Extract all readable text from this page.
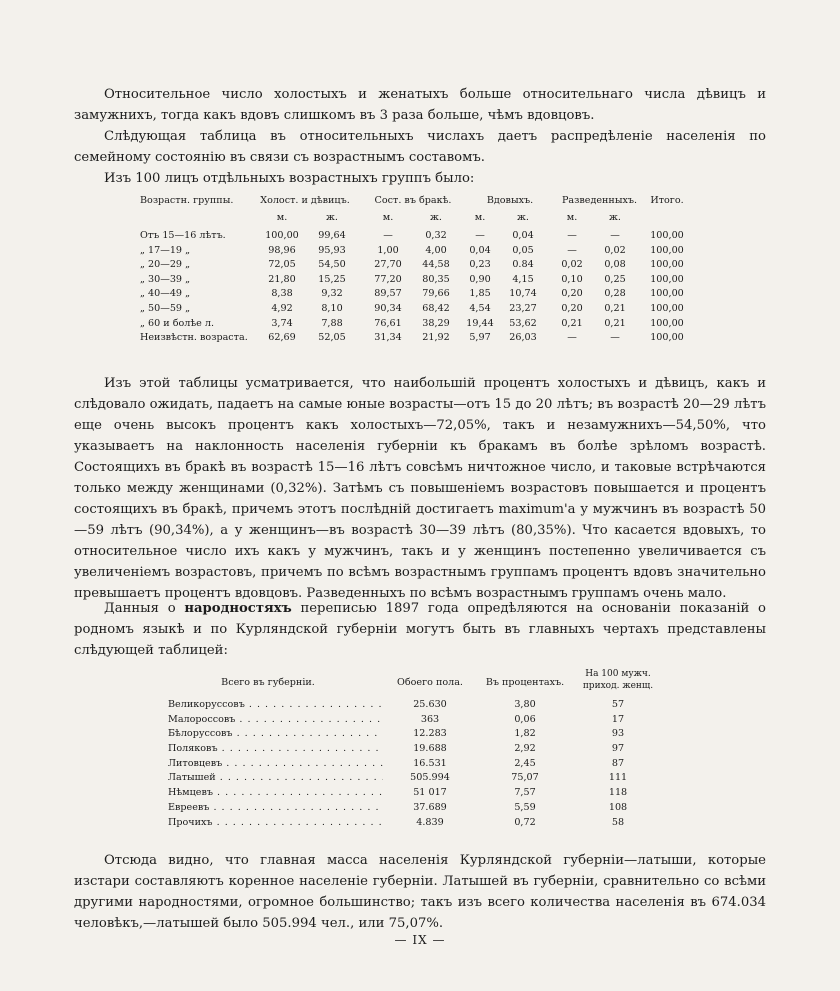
Относительное число холостыхъ и женатыхъ больше относительнаго числа дѣвицъ и замужнихъ, тогда какъ вдовъ слишкомъ въ 3 раза больше, чѣмъ вдовцовъ.

Слѣдующая таблица въ относительныхъ числахъ даетъ распредѣленіе населенія по семейному состоянію въ связи съ возрастнымъ составомъ.

Изъ 100 лицъ отдѣльныхъ возрастныхъ группъ было:

Возрастн. группы.	Холост. и дѣвицъ.	Сост. въ бракѣ.	Вдовыхъ.	Разведенныхъ.	Итого.
м.	ж.	м.	ж.	м.	ж.	м.	ж.
Отъ 15—16 лѣтъ.	100,00	99,64	—	0,32	—	0,04	—	—	100,00
„ 17—19 „	98,96	95,93	1,00	4,00	0,04	0,05	—	0,02	100,00
„ 20—29 „	72,05	54,50	27,70	44,58	0,23	0.84	0,02	0,08	100,00
„ 30—39 „	21,80	15,25	77,20	80,35	0,90	4,15	0,10	0,25	100,00
„ 40—49 „	8,38	9,32	89,57	79,66	1,85	10,74	0,20	0,28	100,00
„ 50—59 „	4,92	8,10	90,34	68,42	4,54	23,27	0,20	0,21	100,00
„ 60 и болѣе л.	3,74	7,88	76,61	38,29	19,44	53,62	0,21	0,21	100,00
Неизвѣстн. возраста.	62,69	52,05	31,34	21,92	5,97	26,03	—	—	100,00

Изъ этой таблицы усматривается, что наибольшій процентъ холостыхъ и дѣвицъ, какъ и слѣдовало ожидать, падаетъ на самые юные возрасты—отъ 15 до 20 лѣтъ; въ возрастѣ 20—29 лѣтъ еще очень высокъ процентъ какъ холостыхъ—72,05%, такъ и незамужнихъ—54,50%, что указываетъ на наклонность населенія губерніи къ бракамъ въ болѣе зрѣломъ возрастѣ. Состоящихъ въ бракѣ въ возрастѣ 15—16 лѣтъ совсѣмъ ничтожное число, и таковые встрѣчаются только между женщинами (0,32%). Затѣмъ съ повышеніемъ возрастовъ повышается и процентъ состоящихъ въ бракѣ, причемъ этотъ послѣдній достигаетъ maximum'a у мужчинъ въ возрастѣ 50—59 лѣтъ (90,34%), а у женщинъ—въ возрастѣ 30—39 лѣтъ (80,35%). Что касается вдовыхъ, то относительное число ихъ какъ у мужчинъ, такъ и у женщинъ постепенно увеличивается съ увеличеніемъ возрастовъ, причемъ по всѣмъ возрастнымъ группамъ процентъ вдовъ значительно превышаетъ процентъ вдовцовъ. Разведенныхъ по всѣмъ возрастнымъ группамъ очень мало.

Данныя о народностяхъ переписью 1897 года опредѣляются на основаніи показаній о родномъ языкѣ и по Курляндской губерніи могутъ быть въ главныхъ чертахъ представлены слѣдующей таблицей:

Всего въ губерніи.	Обоего пола.	Въ процентахъ.
На 100 мужч. приход. женщ.
Великоруссовъ . . .	25.630	3,80	57
Малороссовъ . . .	363	0,06	17
Бѣлоруссовъ . . .	12.283	1,82	93
Поляковъ . . .	19.688	2,92	97
Литовцевъ . . .	16.531	2,45	87
Латышей . . .	505.994	75,07	111
Нѣмцевъ . . .	51 017	7,57	118
Евреевъ . . .	37.689	5,59	108
Прочихъ . . .	4.839	0,72	58

Отсюда видно, что главная масса населенія Курляндской губерніи—латыши, которые изстари составляютъ коренное населеніе губерніи. Латышей въ губерніи, сравнительно со всѣми другими народностями, огромное большинство; такъ изъ всего количества населенія въ 674.034 человѣкъ,—латышей было 505.994 чел., или 75,07%.

— IX —
